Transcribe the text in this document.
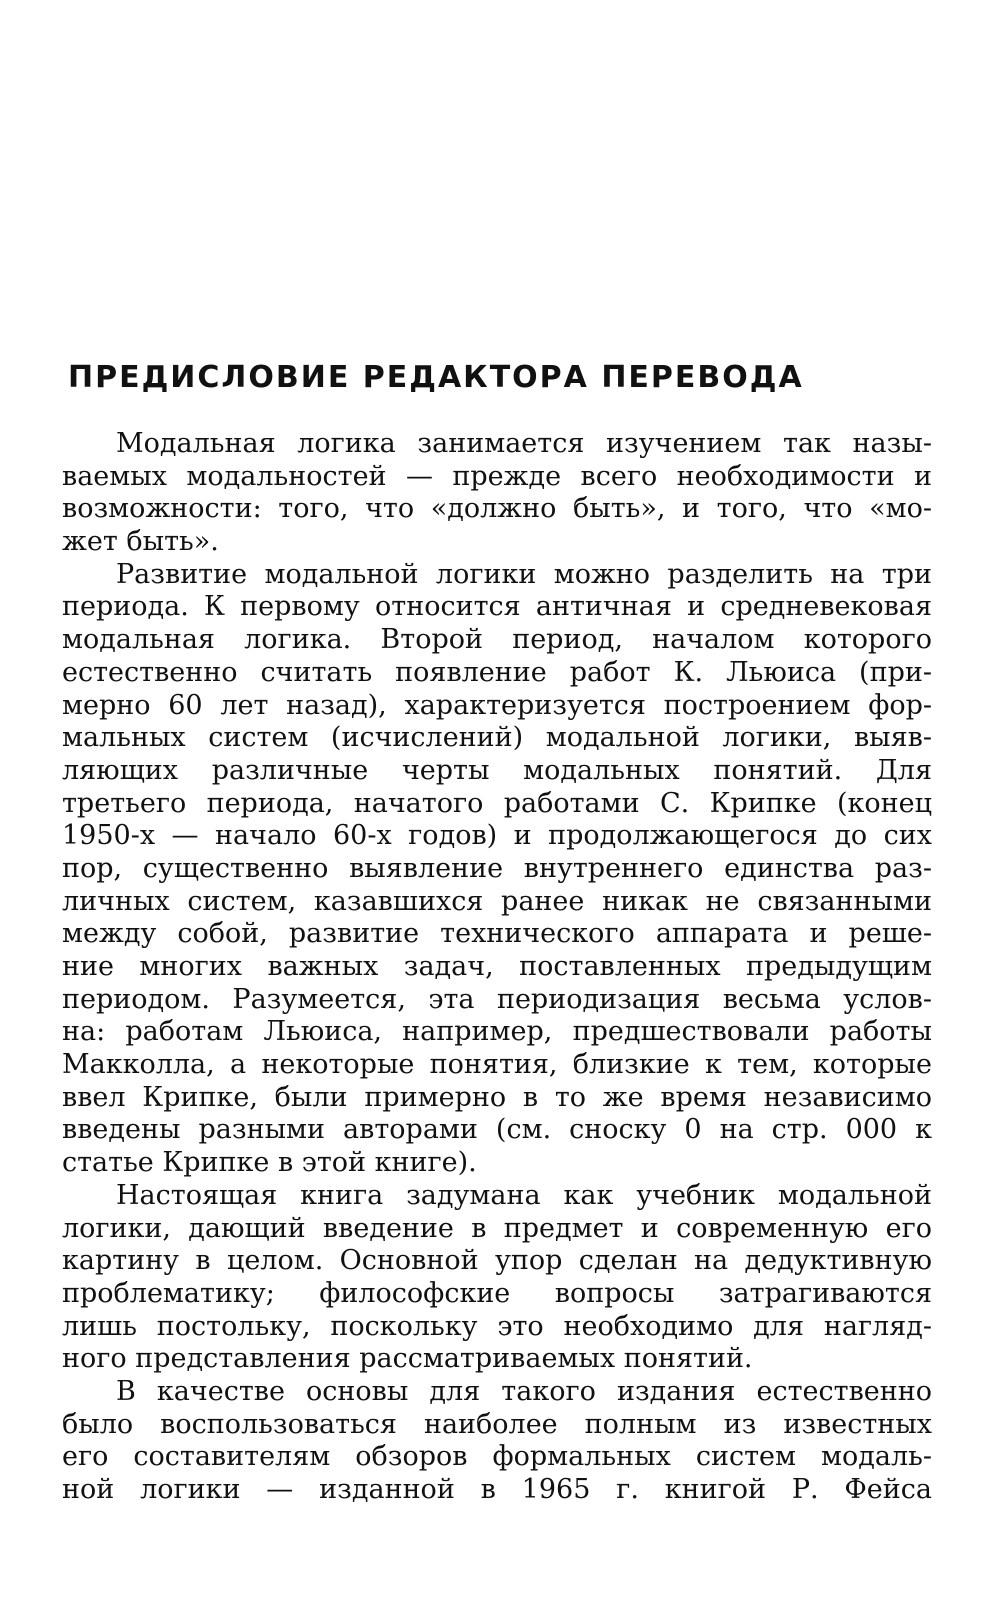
ПРЕДИСЛОВИЕ РЕДАКТОРА ПЕРЕВОДА
Модальная логика занимается изучением так назы-
ваемых модальностей — прежде всего необходимости и
возможности: того, что «должно быть», и того, что «мо-
жет быть».
Развитие модальной логики можно разделить на три
периода. К первому относится античная и средневековая
модальная логика. Второй период, началом которого
естественно считать появление работ К. Льюиса (при-
мерно 60 лет назад), характеризуется построением фор-
мальных систем (исчислений) модальной логики, выяв-
ляющих различные черты модальных понятий. Для
третьего периода, начатого работами С. Крипке (конец
1950-х — начало 60-х годов) и продолжающегося до сих
пор, существенно выявление внутреннего единства раз-
личных систем, казавшихся ранее никак не связанными
между собой, развитие технического аппарата и реше-
ние многих важных задач, поставленных предыдущим
периодом. Разумеется, эта периодизация весьма услов-
на: работам Льюиса, например, предшествовали работы
Макколла, а некоторые понятия, близкие к тем, которые
ввел Крипке, были примерно в то же время независимо
введены разными авторами (см. сноску 0 на стр. 000 к
статье Крипке в этой книге).
Настоящая книга задумана как учебник модальной
логики, дающий введение в предмет и современную его
картину в целом. Основной упор сделан на дедуктивную
проблематику; философские вопросы затрагиваются
лишь постольку, поскольку это необходимо для нагляд-
ного представления рассматриваемых понятий.
В качестве основы для такого издания естественно
было воспользоваться наиболее полным из известных
его составителям обзоров формальных систем модаль-
ной логики — изданной в 1965 г. книгой Р. Фейса
